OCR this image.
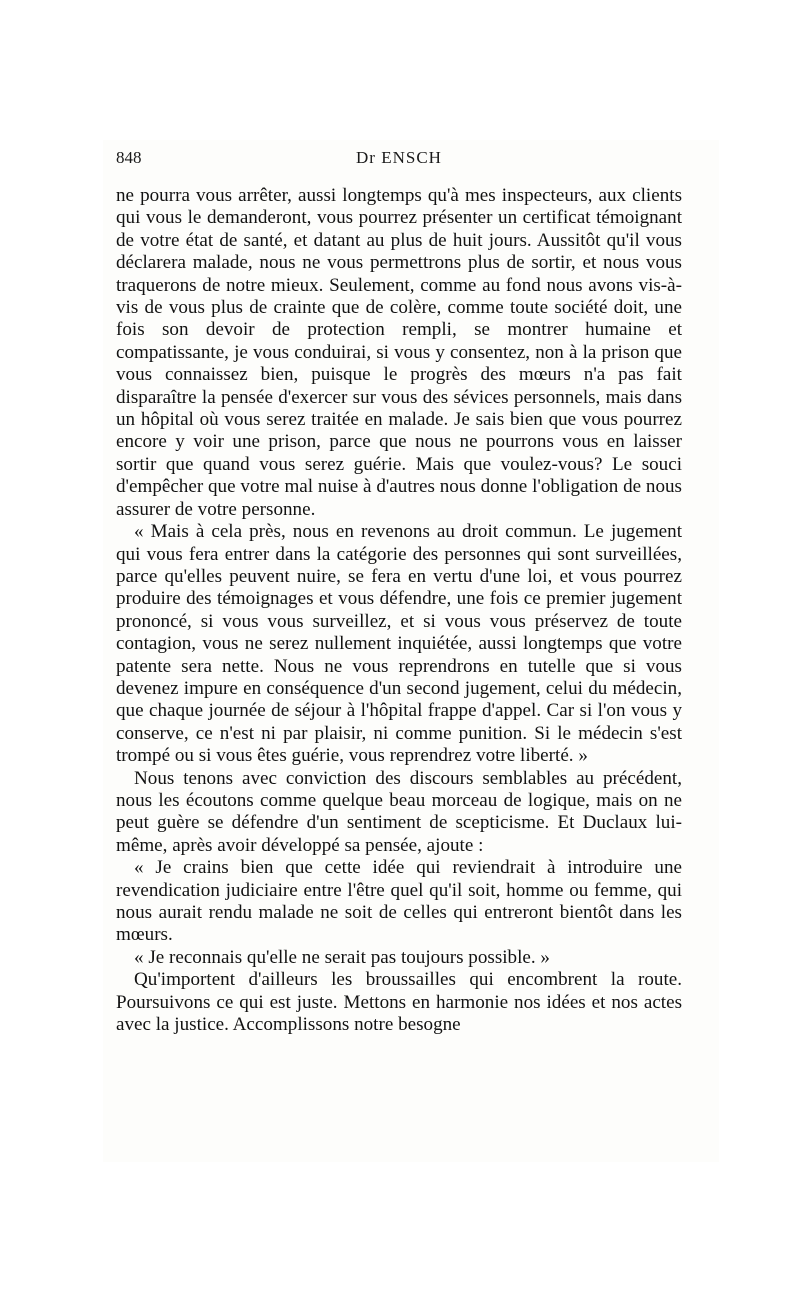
848	Dr ENSCH

ne pourra vous arrêter, aussi longtemps qu'à mes inspecteurs, aux clients qui vous le demanderont, vous pourrez présenter un certificat témoignant de votre état de santé, et datant au plus de huit jours. Aussitôt qu'il vous déclarera malade, nous ne vous permettrons plus de sortir, et nous vous traquerons de notre mieux. Seulement, comme au fond nous avons vis-à-vis de vous plus de crainte que de colère, comme toute société doit, une fois son devoir de protection rempli, se montrer humaine et compatissante, je vous conduirai, si vous y consentez, non à la prison que vous connaissez bien, puisque le progrès des mœurs n'a pas fait disparaître la pensée d'exercer sur vous des sévices personnels, mais dans un hôpital où vous serez traitée en malade. Je sais bien que vous pourrez encore y voir une prison, parce que nous ne pourrons vous en laisser sortir que quand vous serez guérie. Mais que voulez-vous? Le souci d'empêcher que votre mal nuise à d'autres nous donne l'obligation de nous assurer de votre personne.

« Mais à cela près, nous en revenons au droit commun. Le jugement qui vous fera entrer dans la catégorie des personnes qui sont surveillées, parce qu'elles peuvent nuire, se fera en vertu d'une loi, et vous pourrez produire des témoignages et vous défendre, une fois ce premier jugement prononcé, si vous vous surveillez, et si vous vous préservez de toute contagion, vous ne serez nullement inquiétée, aussi longtemps que votre patente sera nette. Nous ne vous reprendrons en tutelle que si vous devenez impure en conséquence d'un second jugement, celui du médecin, que chaque journée de séjour à l'hôpital frappe d'appel. Car si l'on vous y conserve, ce n'est ni par plaisir, ni comme punition. Si le médecin s'est trompé ou si vous êtes guérie, vous reprendrez votre liberté. »

Nous tenons avec conviction des discours semblables au précédent, nous les écoutons comme quelque beau morceau de logique, mais on ne peut guère se défendre d'un sentiment de scepticisme. Et Duclaux lui-même, après avoir développé sa pensée, ajoute :

« Je crains bien que cette idée qui reviendrait à introduire une revendication judiciaire entre l'être quel qu'il soit, homme ou femme, qui nous aurait rendu malade ne soit de celles qui entreront bientôt dans les mœurs.

« Je reconnais qu'elle ne serait pas toujours possible. »

Qu'importent d'ailleurs les broussailles qui encombrent la route. Poursuivons ce qui est juste. Mettons en harmonie nos idées et nos actes avec la justice. Accomplissons notre besogne
